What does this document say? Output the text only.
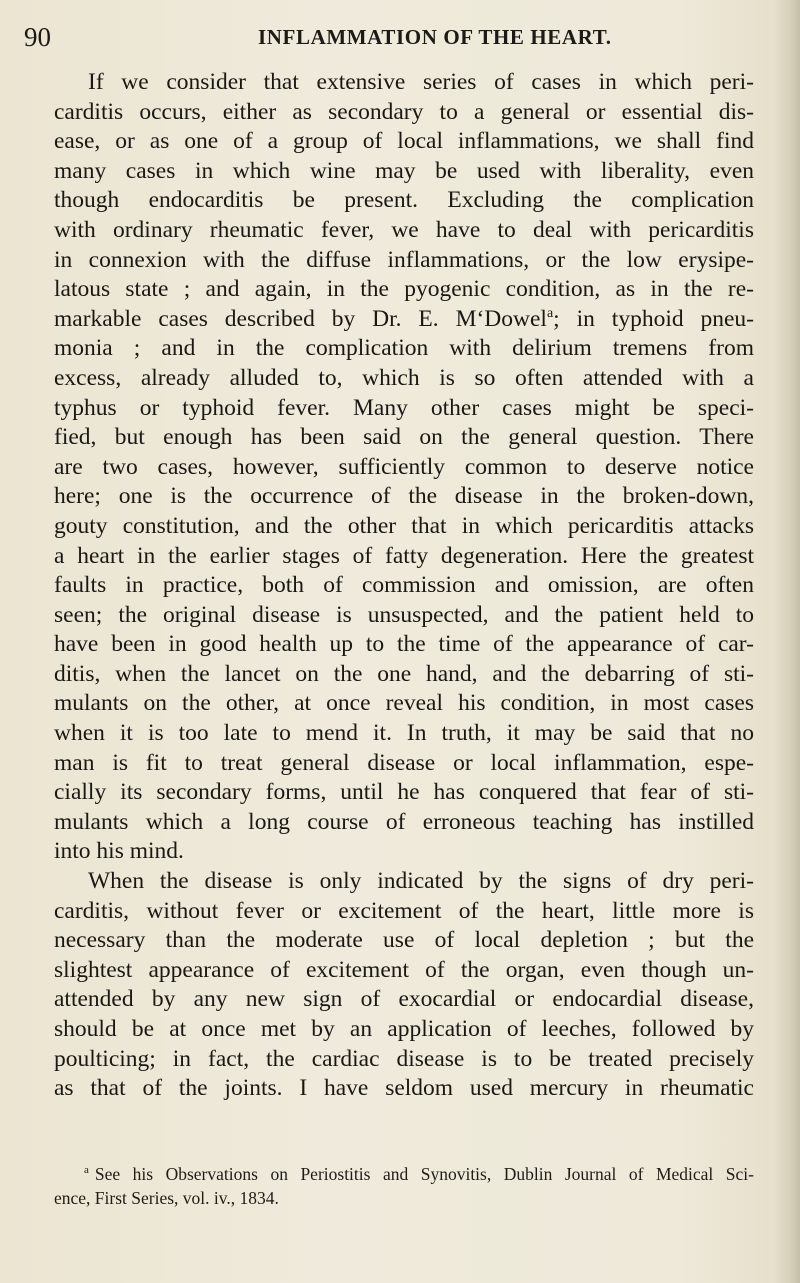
90	INFLAMMATION OF THE HEART.
If we consider that extensive series of cases in which peri-
carditis occurs, either as secondary to a general or essential dis-
ease, or as one of a group of local inflammations, we shall find
many cases in which wine may be used with liberality, even
though endocarditis be present. Excluding the complication
with ordinary rheumatic fever, we have to deal with pericarditis
in connexion with the diffuse inflammations, or the low erysipe-
latous state ; and again, in the pyogenic condition, as in the re-
markable cases described by Dr. E. M‘Dowel$^a$; in typhoid pneu-
monia ; and in the complication with delirium tremens from
excess, already alluded to, which is so often attended with a
typhus or typhoid fever. Many other cases might be speci-
fied, but enough has been said on the general question. There
are two cases, however, sufficiently common to deserve notice
here; one is the occurrence of the disease in the broken-down,
gouty constitution, and the other that in which pericarditis attacks
a heart in the earlier stages of fatty degeneration. Here the greatest
faults in practice, both of commission and omission, are often
seen; the original disease is unsuspected, and the patient held to
have been in good health up to the time of the appearance of car-
ditis, when the lancet on the one hand, and the debarring of sti-
mulants on the other, at once reveal his condition, in most cases
when it is too late to mend it. In truth, it may be said that no
man is fit to treat general disease or local inflammation, espe-
cially its secondary forms, until he has conquered that fear of sti-
mulants which a long course of erroneous teaching has instilled
into his mind.
When the disease is only indicated by the signs of dry peri-
carditis, without fever or excitement of the heart, little more is
necessary than the moderate use of local depletion ; but the
slightest appearance of excitement of the organ, even though un-
attended by any new sign of exocardial or endocardial disease,
should be at once met by an application of leeches, followed by
poulticing; in fact, the cardiac disease is to be treated precisely
as that of the joints. I have seldom used mercury in rheumatic
$^a$ See his Observations on Periostitis and Synovitis, Dublin Journal of Medical Sci-
ence, First Series, vol. iv., 1834.
